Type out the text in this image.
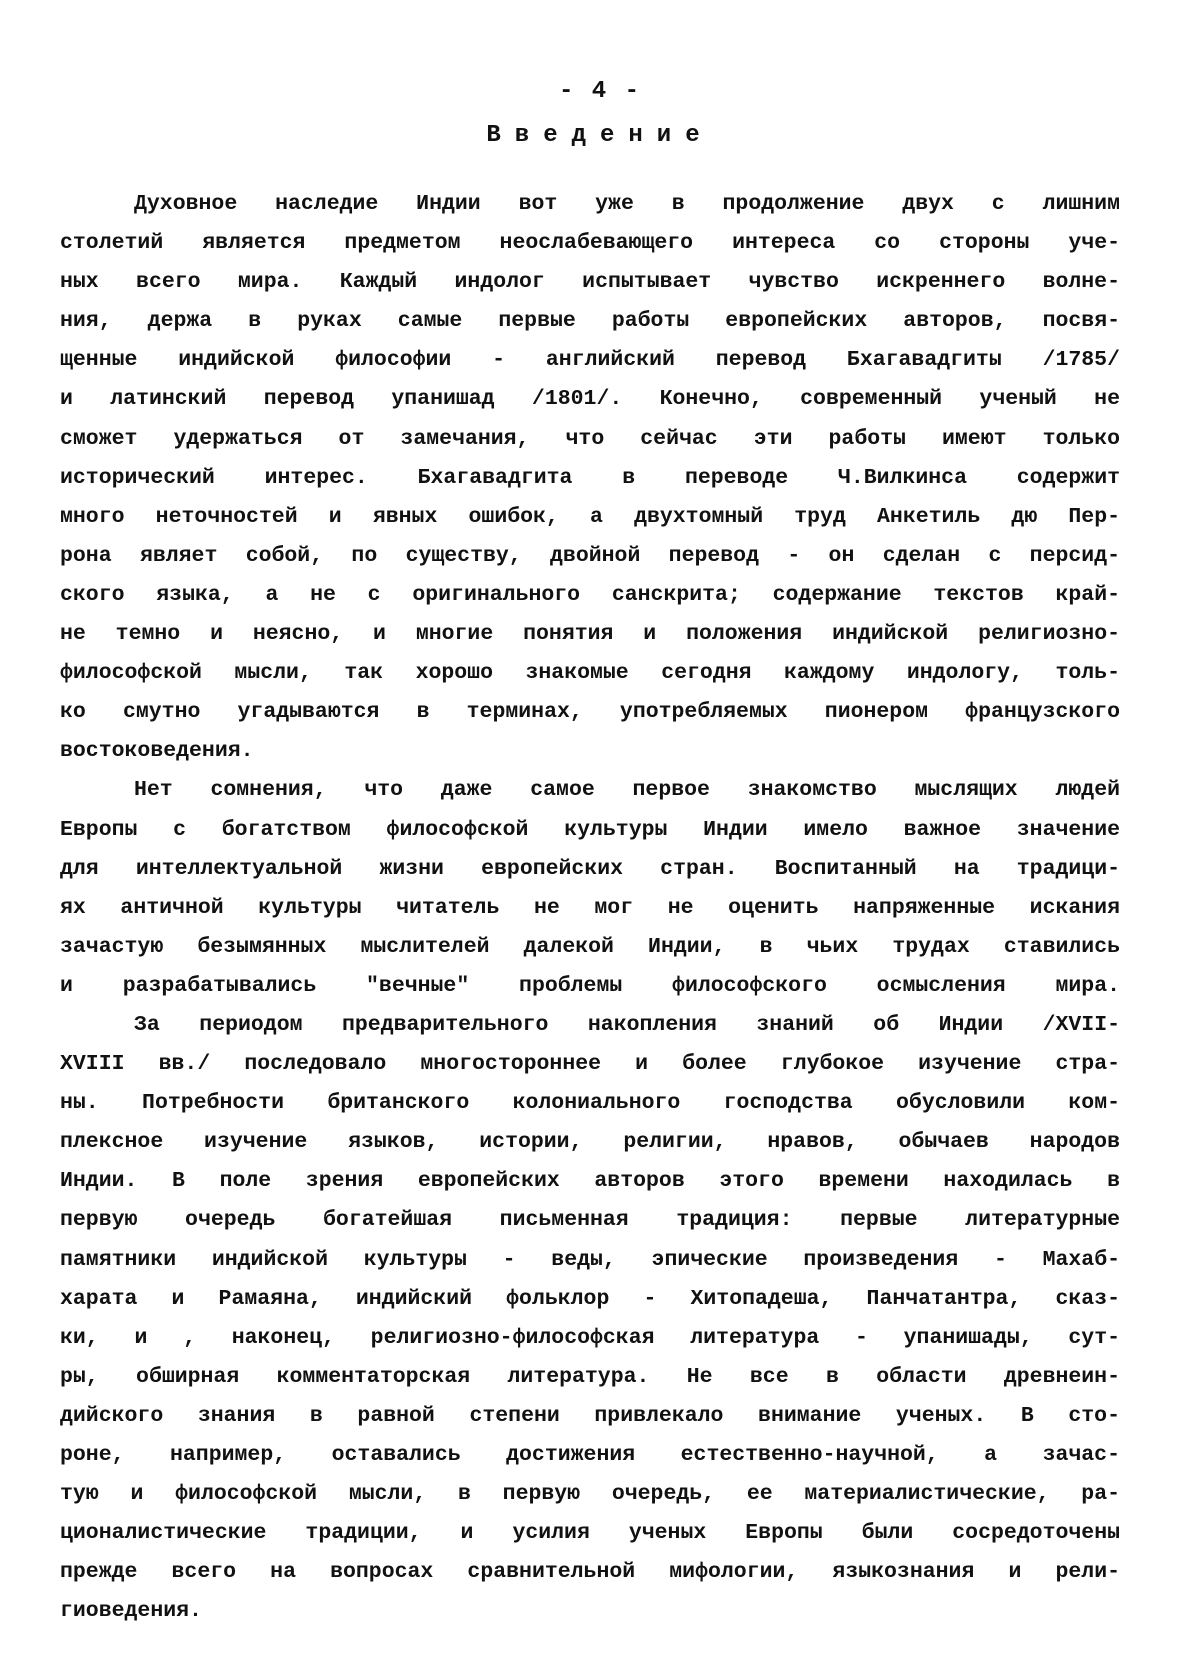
- 4 -
Введение
Духовное наследие Индии вот уже в продолжение двух с лишним
столетий является предметом неослабевающего интереса со стороны уче-
ных всего мира. Каждый индолог испытывает чувство искреннего волне-
ния, держа в руках самые первые работы европейских авторов, посвя-
щенные индийской философии - английский перевод Бхагавадгиты /1785/
и латинский перевод упанишад /1801/. Конечно, современный ученый не
сможет удержаться от замечания, что сейчас эти работы имеют только
исторический интерес. Бхагавадгита в переводе Ч.Вилкинса содержит
много неточностей и явных ошибок, а двухтомный труд Анкетиль дю Пер-
рона являет собой, по существу, двойной перевод - он сделан с персид-
ского языка, а не с оригинального санскрита; содержание текстов край-
не темно и неясно, и многие понятия и положения индийской религиозно-
философской мысли, так хорошо знакомые сегодня каждому индологу, толь-
ко смутно угадываются в терминах, употребляемых пионером французского
востоковедения.
Нет сомнения, что даже самое первое знакомство мыслящих людей
Европы с богатством философской культуры Индии имело важное значение
для интеллектуальной жизни европейских стран. Воспитанный на традици-
ях античной культуры читатель не мог не оценить напряженные искания
зачастую безымянных мыслителей далекой Индии, в чьих трудах ставились
и разрабатывались "вечные" проблемы философского осмысления мира.
За периодом предварительного накопления знаний об Индии /XVII-
XVIII вв./ последовало многостороннее и более глубокое изучение стра-
ны. Потребности британского колониального господства обусловили ком-
плексное изучение языков, истории, религии, нравов, обычаев народов
Индии. В поле зрения европейских авторов этого времени находилась в
первую очередь богатейшая письменная традиция: первые литературные
памятники индийской культуры - веды, эпические произведения - Махаб-
харата и Рамаяна, индийский фольклор - Хитопадеша, Панчатантра, сказ-
ки, и , наконец, религиозно-философская литература - упанишады, сут-
ры, обширная комментаторская литература. Не все в области древнеин-
дийского знания в равной степени привлекало внимание ученых. В сто-
роне, например, оставались достижения естественно-научной, а зачас-
тую и философской мысли, в первую очередь, ее материалистические, ра-
ционалистические традиции, и усилия ученых Европы были сосредоточены
прежде всего на вопросах сравнительной мифологии, языкознания и рели-
гиоведения.
